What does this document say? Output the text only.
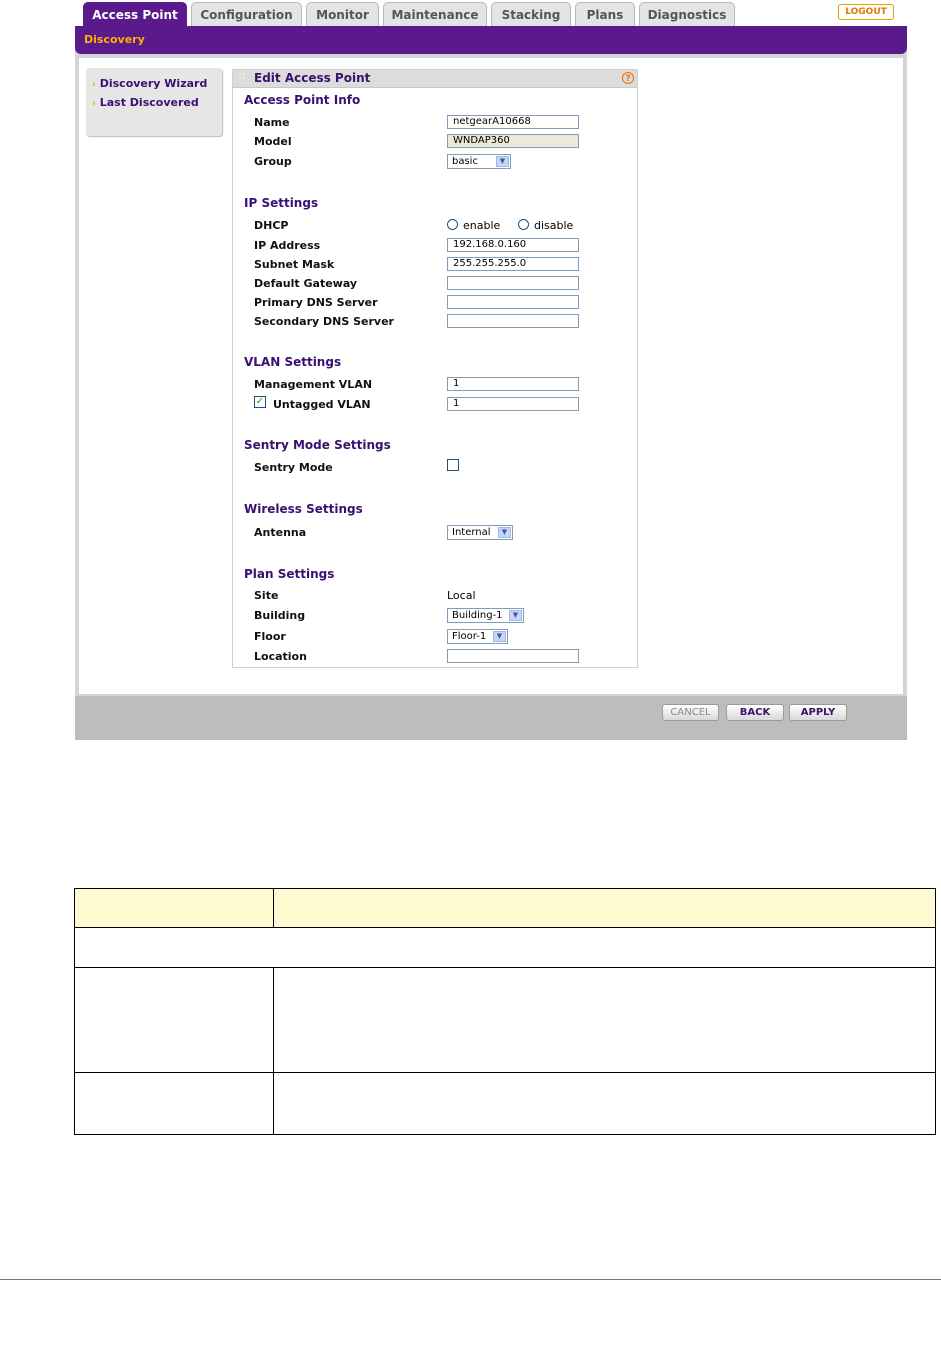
Access Point	Configuration	Monitor	Maintenance	Stacking	Plans	Diagnostics	LOGOUT
Discovery
› Discovery Wizard
› Last Discovered
∷ Edit Access Point	?
Access Point Info
Name	netgearA10668
Model	WNDAP360
Group	basic	▼
IP Settings
DHCP	enable	disable
IP Address	192.168.0.160
Subnet Mask	255.255.255.0
Default Gateway
Primary DNS Server
Secondary DNS Server
VLAN Settings
Management VLAN	1
✓ Untagged VLAN	1
Sentry Mode Settings
Sentry Mode
Wireless Settings
Antenna	Internal	▼
Plan Settings
Site	Local
Building	Building-1	▼
Floor	Floor-1	▼
Location
CANCEL	BACK	APPLY
